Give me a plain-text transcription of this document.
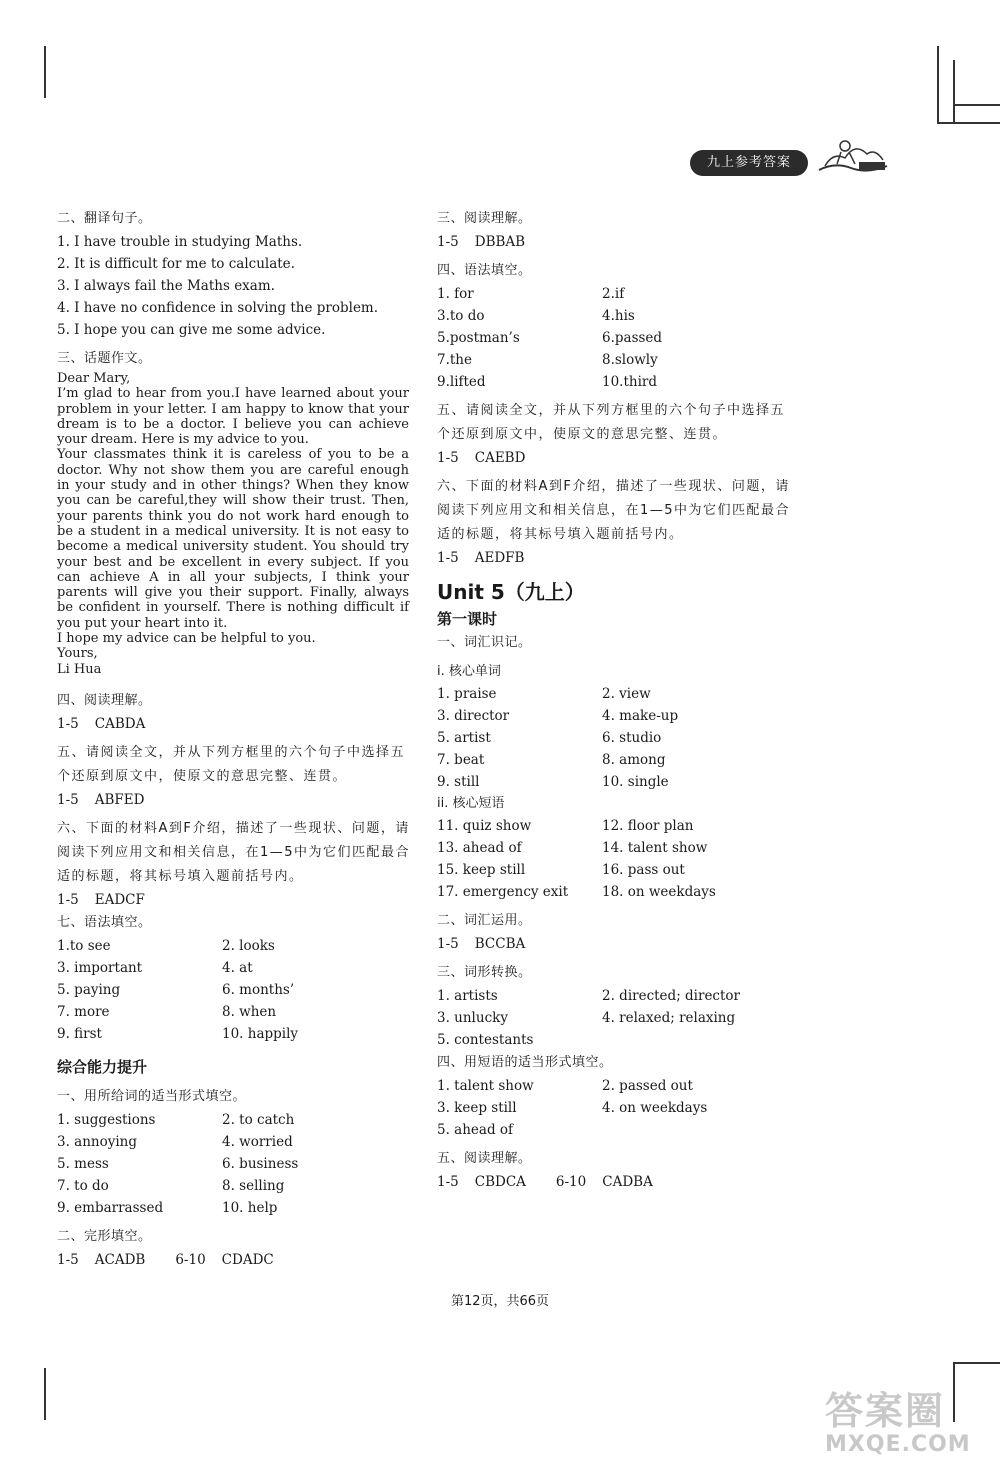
九上参考答案
二、翻译句子。
1. I have trouble in studying Maths.
2. It is difficult for me to calculate.
3. I always fail the Maths exam.
4. I have no confidence in solving the problem.
5. I hope you can give me some advice.
三、话题作文。

Dear Mary,

I’m glad to hear from you.I have learned about your problem in your letter. I am happy to know that your dream is to be a doctor. I believe you can achieve your dream. Here is my advice to you.

Your classmates think it is careless of you to be a doctor. Why not show them you are careful enough in your study and in other things? When they know you can be careful,they will show their trust. Then, your parents think you do not work hard enough to be a student in a medical university. It is not easy to become a medical university student. You should try your best and be excellent in every subject. If you can achieve A in all your subjects, I think your parents will give you their support. Finally, always be confident in yourself. There is nothing difficult if you put your heart into it.

I hope my advice can be helpful to you.

Yours,

Li Hua

四、阅读理解。
1-5 CABDA
五、请阅读全文，并从下列方框里的六个句子中选择五个还原到原文中，使原文的意思完整、连贯。
1-5 ABFED
六、下面的材料A到F介绍，描述了一些现状、问题，请阅读下列应用文和相关信息，在1—5中为它们匹配最合适的标题，将其标号填入题前括号内。
1-5 EADCF
七、语法填空。
1.to see	2. looks
3. important	4. at
5. paying	6. months’
7. more	8. when
9. first	10. happily
综合能力提升
一、用所给词的适当形式填空。
1. suggestions	2. to catch
3. annoying	4. worried
5. mess	6. business
7. to do	8. selling
9. embarrassed	10. help
二、完形填空。
1-5 ACADB 6-10 CDADC
三、阅读理解。
1-5 DBBAB
四、语法填空。
1. for	2.if
3.to do	4.his
5.postman’s	6.passed
7.the	8.slowly
9.lifted	10.third
五、请阅读全文，并从下列方框里的六个句子中选择五个还原到原文中，使原文的意思完整、连贯。
1-5 CAEBD
六、下面的材料A到F介绍，描述了一些现状、问题，请阅读下列应用文和相关信息，在1—5中为它们匹配最合适的标题，将其标号填入题前括号内。
1-5 AEDFB
Unit 5（九上）
第一课时
一、词汇识记。
i. 核心单词
1. praise	2. view
3. director	4. make-up
5. artist	6. studio
7. beat	8. among
9. still	10. single
ii. 核心短语
11. quiz show	12. floor plan
13. ahead of	14. talent show
15. keep still	16. pass out
17. emergency exit	18. on weekdays
二、词汇运用。
1-5 BCCBA
三、词形转换。
1. artists	2. directed; director
3. unlucky	4. relaxed; relaxing
5. contestants
四、用短语的适当形式填空。
1. talent show	2. passed out
3. keep still	4. on weekdays
5. ahead of
五、阅读理解。
1-5 CBDCA 6-10 CADBA
第12页，共66页
答案圈
MXQE.COM
